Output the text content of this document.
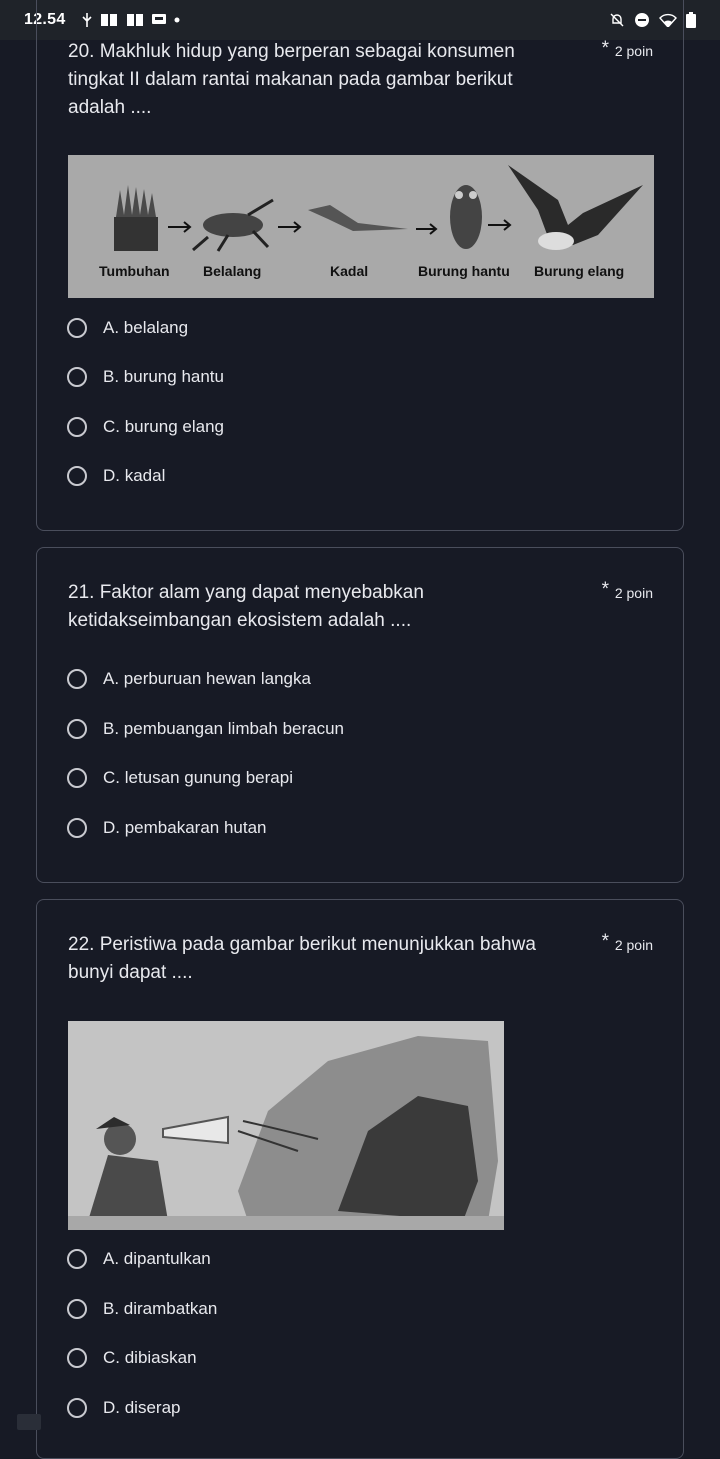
12.54
20. Makhluk hidup yang berperan sebagai konsumen tingkat II dalam rantai makanan pada gambar berikut adalah ....
* 2 poin
Tumbuhan Belalang	Kadal	Burung hantu Burung elang
A. belalang
B. burung hantu
C. burung elang
D. kadal
21. Faktor alam yang dapat menyebabkan ketidakseimbangan ekosistem adalah ....
* 2 poin
A. perburuan hewan langka
B. pembuangan limbah beracun
C. letusan gunung berapi
D. pembakaran hutan
22. Peristiwa pada gambar berikut menunjukkan bahwa bunyi dapat ....
* 2 poin
A. dipantulkan
B. dirambatkan
C. dibiaskan
D. diserap
